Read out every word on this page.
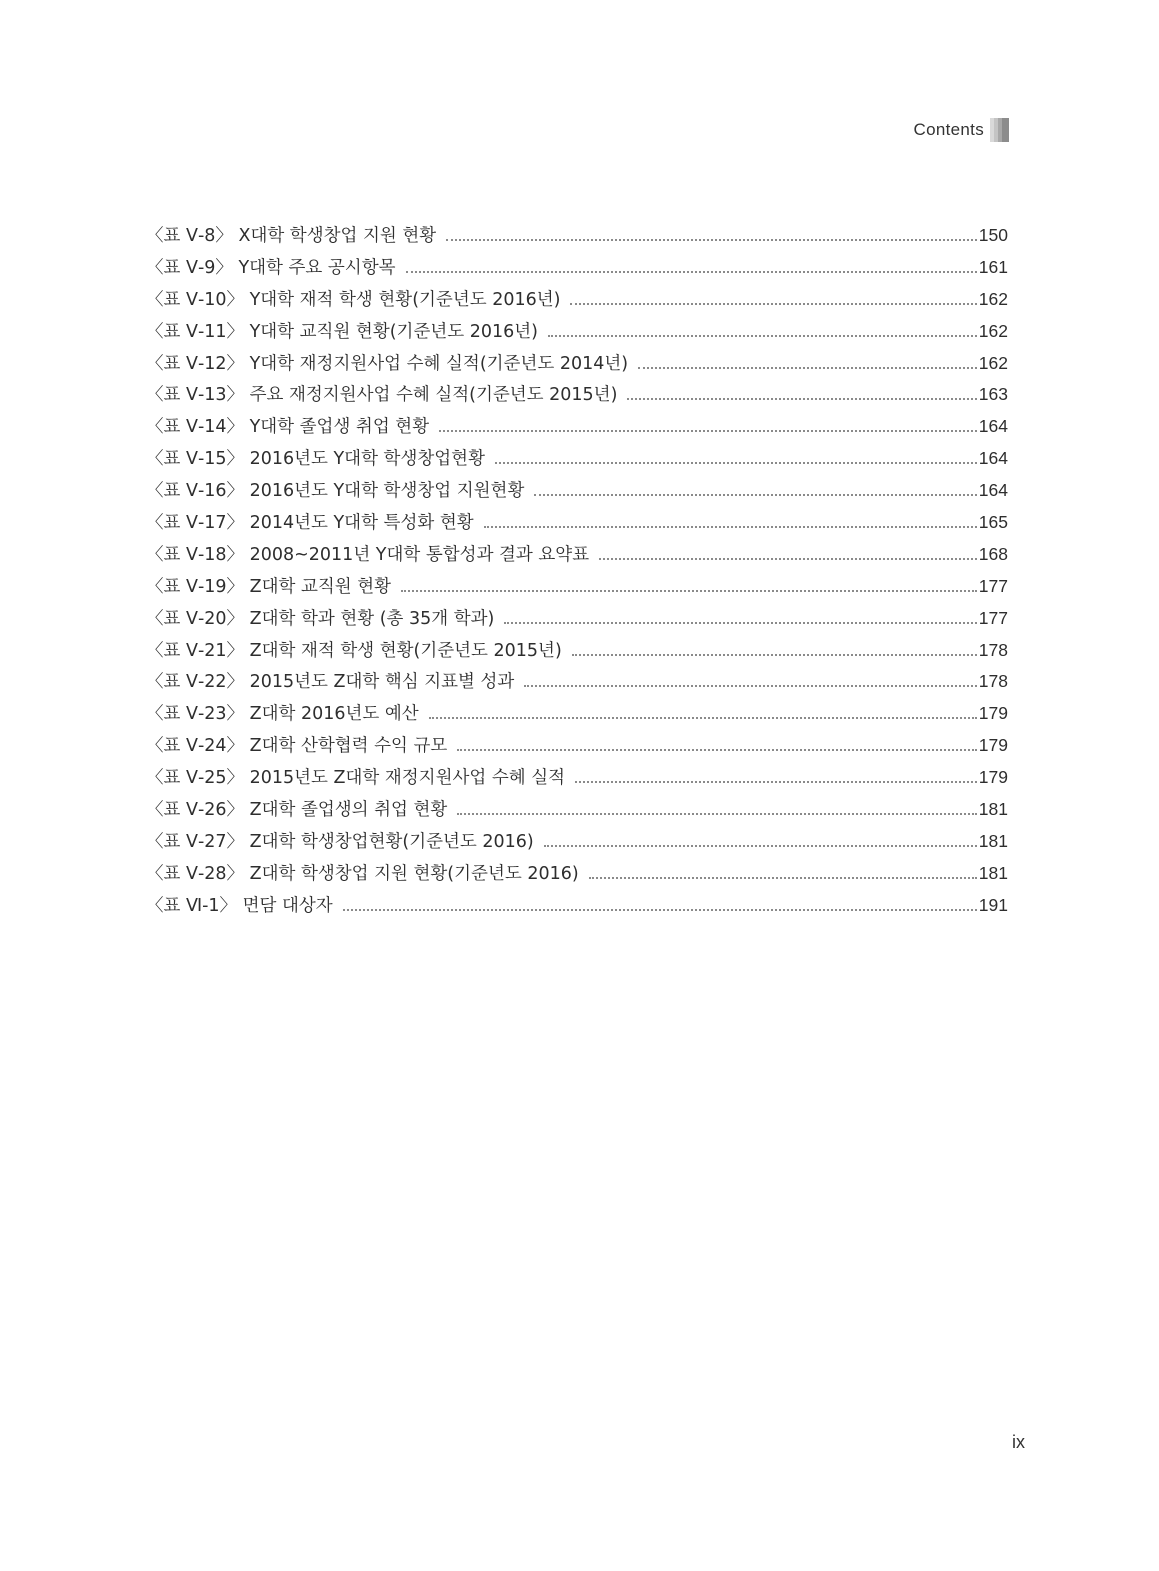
Contents
〈표 Ⅴ-8〉 X대학 학생창업 지원 현황	150
〈표 Ⅴ-9〉 Y대학 주요 공시항목	161
〈표 Ⅴ-10〉 Y대학 재적 학생 현황(기준년도 2016년)	162
〈표 Ⅴ-11〉 Y대학 교직원 현황(기준년도 2016년)	162
〈표 Ⅴ-12〉 Y대학 재정지원사업 수혜 실적(기준년도 2014년)	162
〈표 Ⅴ-13〉 주요 재정지원사업 수혜 실적(기준년도 2015년)	163
〈표 Ⅴ-14〉 Y대학 졸업생 취업 현황	164
〈표 Ⅴ-15〉 2016년도 Y대학 학생창업현황	164
〈표 Ⅴ-16〉 2016년도 Y대학 학생창업 지원현황	164
〈표 Ⅴ-17〉 2014년도 Y대학 특성화 현황	165
〈표 Ⅴ-18〉 2008~2011년 Y대학 통합성과 결과 요약표	168
〈표 Ⅴ-19〉 Z대학 교직원 현황	177
〈표 Ⅴ-20〉 Z대학 학과 현황 (총 35개 학과)	177
〈표 Ⅴ-21〉 Z대학 재적 학생 현황(기준년도 2015년)	178
〈표 Ⅴ-22〉 2015년도 Z대학 핵심 지표별 성과	178
〈표 Ⅴ-23〉 Z대학 2016년도 예산	179
〈표 Ⅴ-24〉 Z대학 산학협력 수익 규모	179
〈표 Ⅴ-25〉 2015년도 Z대학 재정지원사업 수혜 실적	179
〈표 Ⅴ-26〉 Z대학 졸업생의 취업 현황	181
〈표 Ⅴ-27〉 Z대학 학생창업현황(기준년도 2016)	181
〈표 Ⅴ-28〉 Z대학 학생창업 지원 현황(기준년도 2016)	181
〈표 Ⅵ-1〉 면담 대상자	191
ix
